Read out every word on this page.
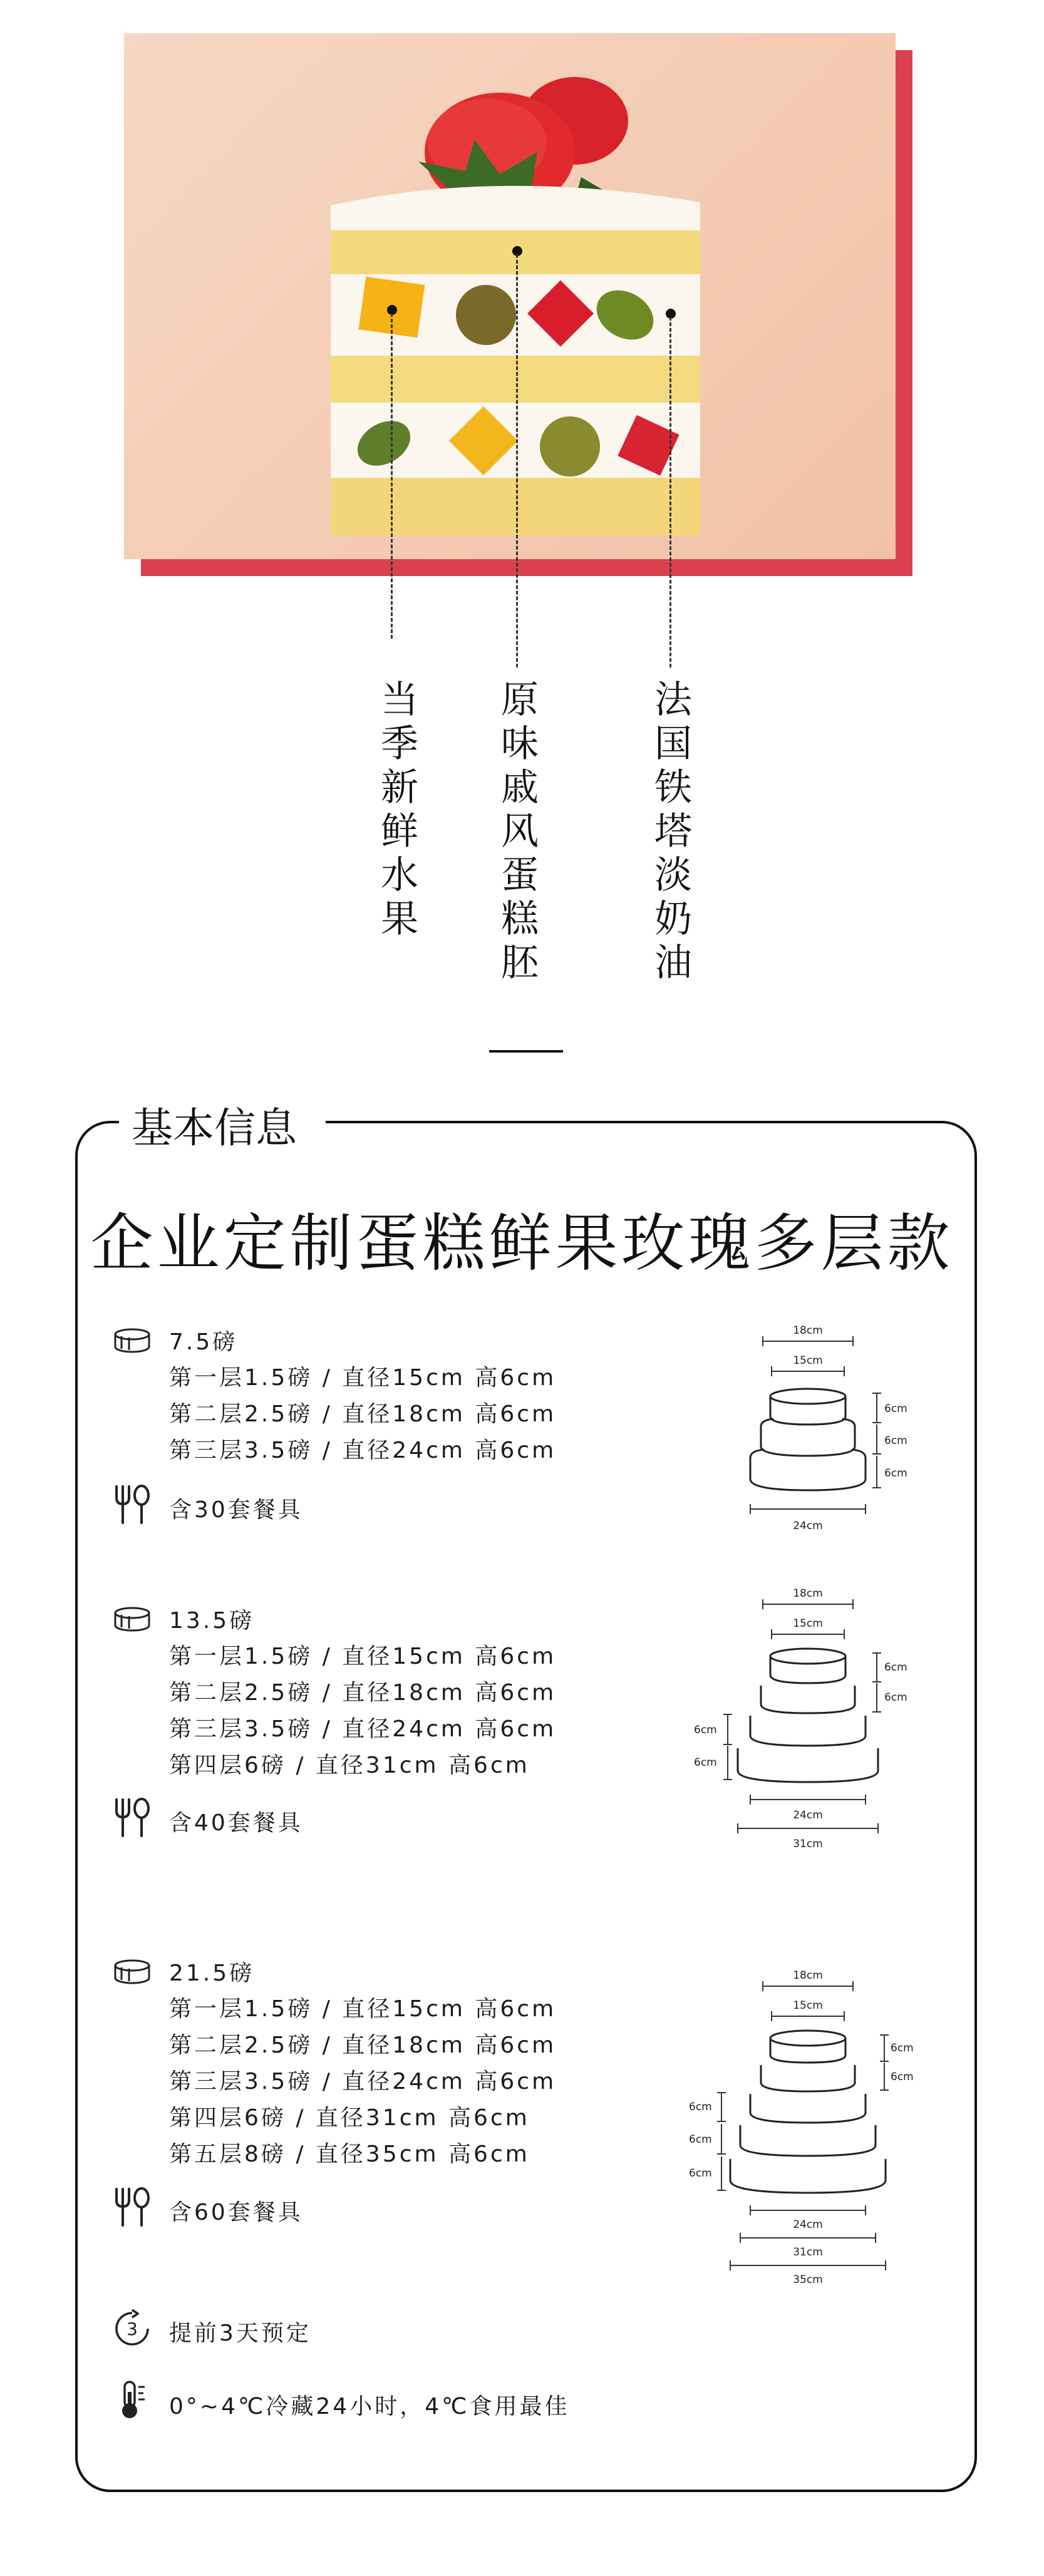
当季新鲜水果 原味戚风蛋糕胚	法国铁塔淡奶油
基本信息
企业定制蛋糕鲜果玫瑰多层款
7.5磅
第一层1.5磅 / 直径15cm 高6cm
第二层2.5磅 / 直径18cm 高6cm
第三层3.5磅 / 直径24cm 高6cm
含30套餐具
18cm
15cm
6cm
6cm
6cm
24cm
13.5磅
第一层1.5磅 / 直径15cm 高6cm
第二层2.5磅 / 直径18cm 高6cm
第三层3.5磅 / 直径24cm 高6cm
第四层6磅 / 直径31cm 高6cm
含40套餐具
18cm
15cm
6cm
6cm
6cm
6cm
24cm
31cm
21.5磅
第一层1.5磅 / 直径15cm 高6cm
第二层2.5磅 / 直径18cm 高6cm
第三层3.5磅 / 直径24cm 高6cm
第四层6磅 / 直径31cm 高6cm
第五层8磅 / 直径35cm 高6cm
含60套餐具
18cm
15cm
6cm
6cm
6cm
6cm
6cm
24cm
31cm
35cm
3 提前3天预定
0°~4℃冷藏24小时，4℃食用最佳
